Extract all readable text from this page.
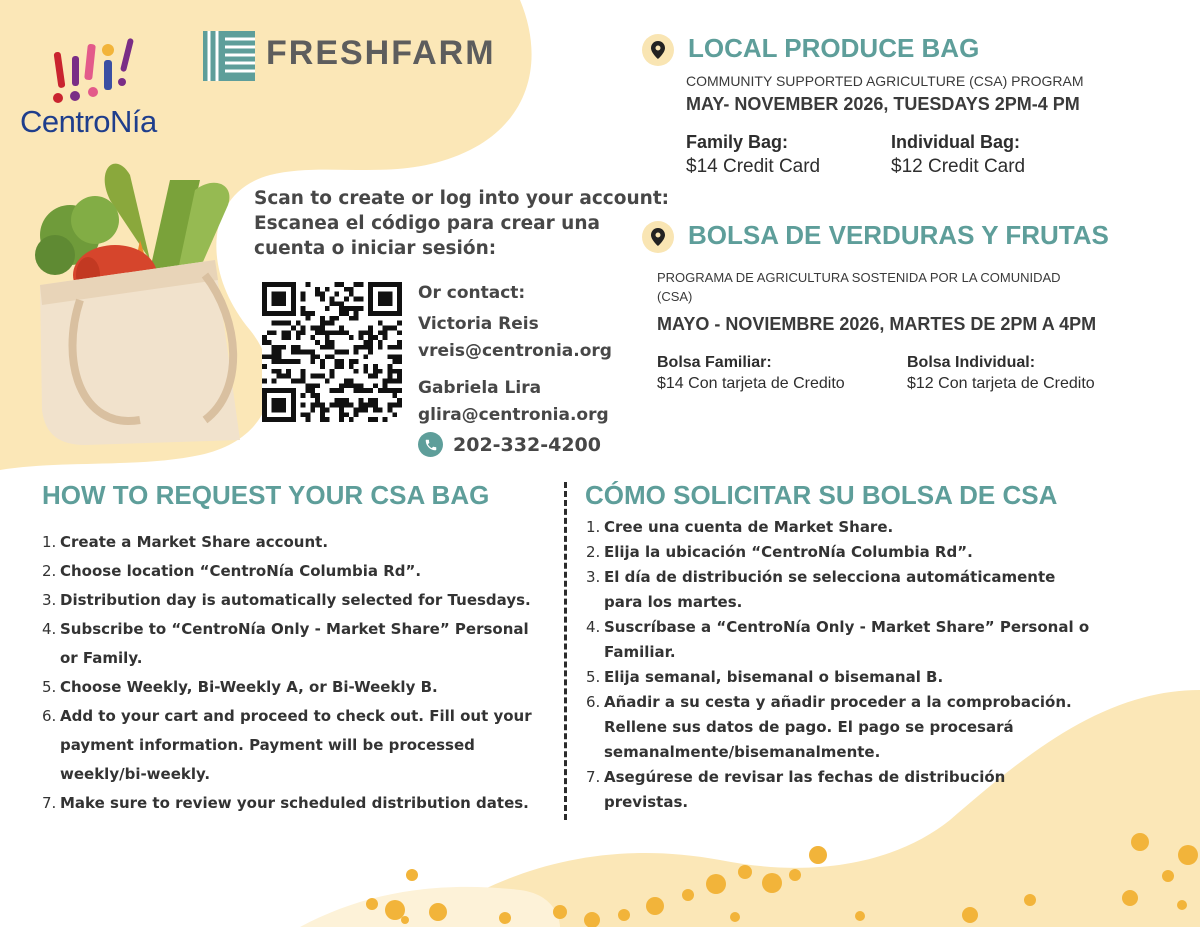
CentroNía
FRESHFARM
Scan to create or log into your account:
Escanea el código para crear una
cuenta o iniciar sesión:
Or contact:
Victoria Reis
vreis@centronia.org
Gabriela Lira
glira@centronia.org
202-332-4200
LOCAL PRODUCE BAG
COMMUNITY SUPPORTED AGRICULTURE (CSA) PROGRAM
MAY- NOVEMBER 2026, TUESDAYS 2PM-4 PM
Family Bag:
$14 Credit Card
Individual Bag:
$12 Credit Card
BOLSA DE VERDURAS Y FRUTAS
PROGRAMA DE AGRICULTURA SOSTENIDA POR LA COMUNIDAD
(CSA)
MAYO - NOVIEMBRE 2026, MARTES DE 2PM A 4PM
Bolsa Familiar:
$14 Con tarjeta de Credito
Bolsa Individual:
$12 Con tarjeta de Credito
HOW TO REQUEST YOUR CSA BAG	CÓMO SOLICITAR SU BOLSA DE CSA
1. Create a Market Share account.
2. Choose location “CentroNía Columbia Rd”.
3. Distribution day is automatically selected for Tuesdays.
4. Subscribe to “CentroNía Only - Market Share” Personal
or Family.
5. Choose Weekly, Bi-Weekly A, or Bi-Weekly B.
6. Add to your cart and proceed to check out. Fill out your
payment information. Payment will be processed
weekly/bi-weekly.
7. Make sure to review your scheduled distribution dates.
1. Cree una cuenta de Market Share.
2. Elija la ubicación “CentroNía Columbia Rd”.
3. El día de distribución se selecciona automáticamente
para los martes.
4. Suscríbase a “CentroNía Only - Market Share” Personal o
Familiar.
5. Elija semanal, bisemanal o bisemanal B.
6. Añadir a su cesta y añadir proceder a la comprobación.
Rellene sus datos de pago. El pago se procesará
semanalmente/bisemanalmente.
7. Asegúrese de revisar las fechas de distribución
previstas.
